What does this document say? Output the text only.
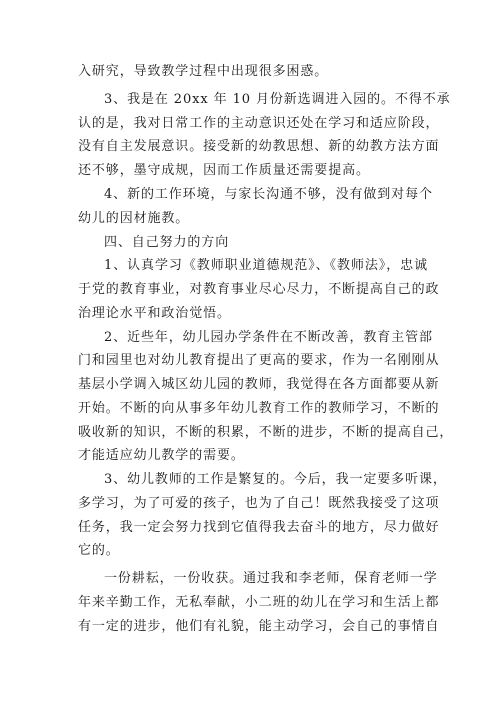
入研究，导致教学过程中出现很多困惑。
3、我是在 20xx 年 10 月份新选调进入园的。不得不承
认的是，我对日常工作的主动意识还处在学习和适应阶段，
没有自主发展意识。接受新的幼教思想、新的幼教方法方面
还不够，墨守成规，因而工作质量还需要提高。
4、新的工作环境，与家长沟通不够，没有做到对每个
幼儿的因材施教。
四、自己努力的方向
1、认真学习《教师职业道德规范》、《教师法》，忠诚
于党的教育事业，对教育事业尽心尽力，不断提高自己的政
治理论水平和政治觉悟。
2、近些年，幼儿园办学条件在不断改善，教育主管部
门和园里也对幼儿教育提出了更高的要求，作为一名刚刚从
基层小学调入城区幼儿园的教师，我觉得在各方面都要从新
开始。不断的向从事多年幼儿教育工作的教师学习，不断的
吸收新的知识，不断的积累，不断的进步，不断的提高自己，
才能适应幼儿教学的需要。
3、幼儿教师的工作是繁复的。今后，我一定要多听课，
多学习，为了可爱的孩子，也为了自己！既然我接受了这项
任务，我一定会努力找到它值得我去奋斗的地方，尽力做好
它的。
一份耕耘，一份收获。通过我和李老师，保育老师一学
年来辛勤工作，无私奉献，小二班的幼儿在学习和生活上都
有一定的进步，他们有礼貌，能主动学习，会自己的事情自
